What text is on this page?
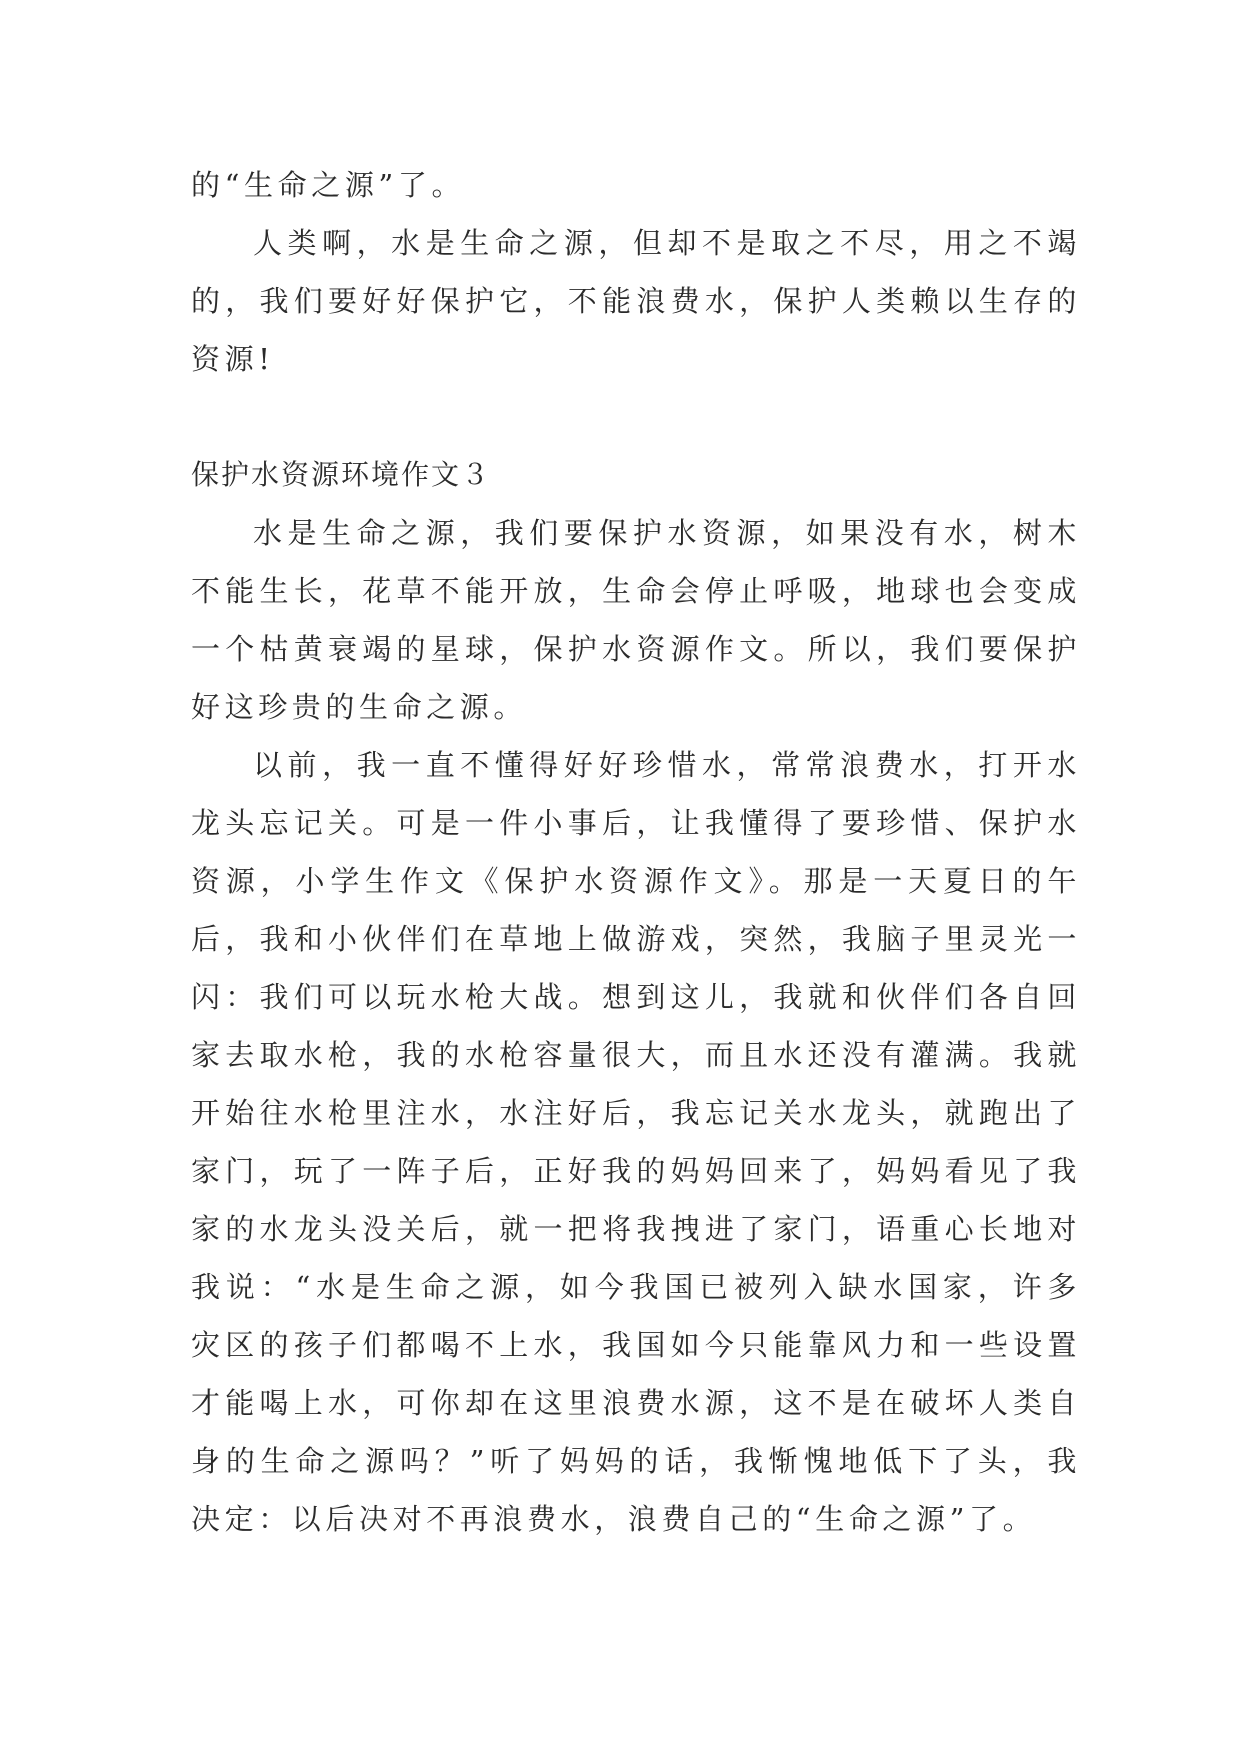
的“生命之源”了。

人类啊，水是生命之源，但却不是取之不尽，用之不竭的，我们要好好保护它，不能浪费水，保护人类赖以生存的资源!

保护水资源环境作文３

水是生命之源，我们要保护水资源，如果没有水，树木不能生长，花草不能开放，生命会停止呼吸，地球也会变成一个枯黄衰竭的星球，保护水资源作文。所以，我们要保护好这珍贵的生命之源。

以前，我一直不懂得好好珍惜水，常常浪费水，打开水龙头忘记关。可是一件小事后，让我懂得了要珍惜、保护水资源，小学生作文《保护水资源作文》。那是一天夏日的午后，我和小伙伴们在草地上做游戏，突然，我脑子里灵光一闪：我们可以玩水枪大战。想到这儿，我就和伙伴们各自回家去取水枪，我的水枪容量很大，而且水还没有灌满。我就开始往水枪里注水，水注好后，我忘记关水龙头，就跑出了家门，玩了一阵子后，正好我的妈妈回来了，妈妈看见了我家的水龙头没关后，就一把将我拽进了家门，语重心长地对我说：“水是生命之源，如今我国已被列入缺水国家，许多灾区的孩子们都喝不上水，我国如今只能靠风力和一些设置才能喝上水，可你却在这里浪费水源，这不是在破坏人类自身的生命之源吗？”听了妈妈的话，我惭愧地低下了头，我决定：以后决对不再浪费水，浪费自己的“生命之源”了。
